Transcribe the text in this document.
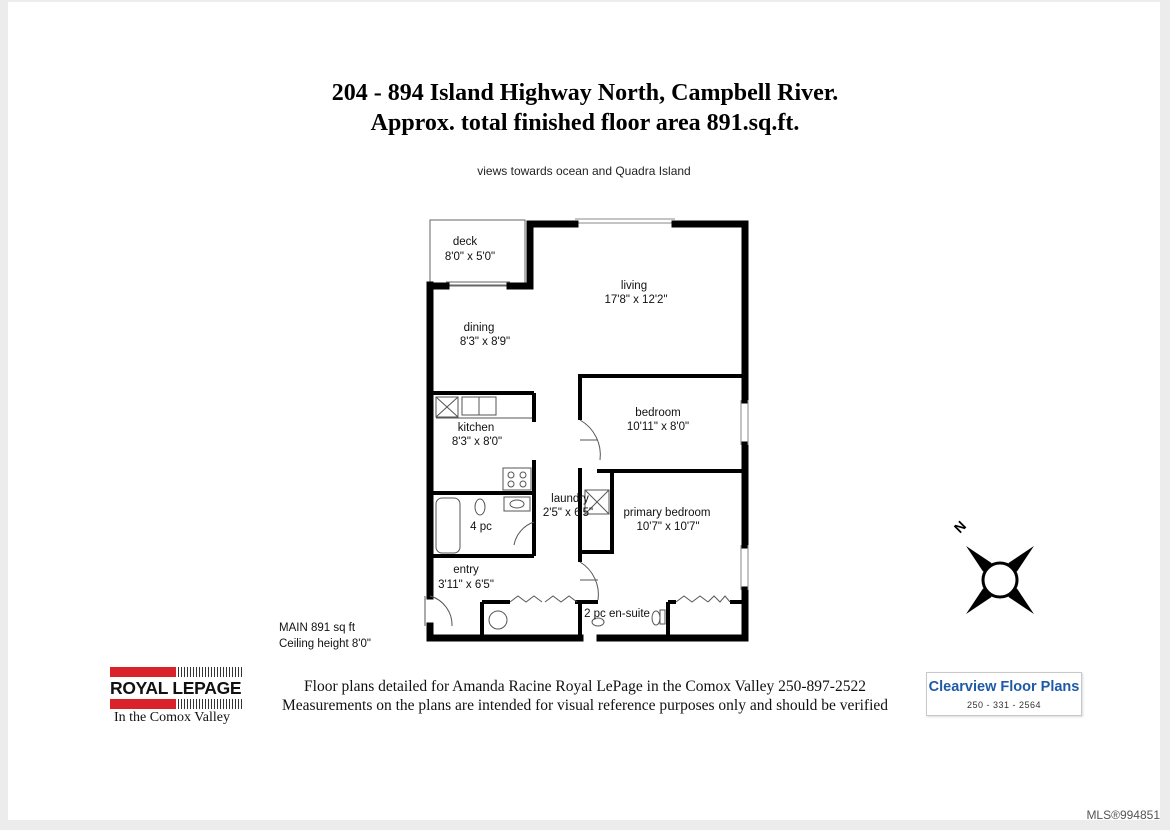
204 - 894 Island Highway North, Campbell River.
Approx. total finished floor area 891.sq.ft.
views towards ocean and Quadra Island
deck
8'0" x 5'0"
living
17'8" x 12'2"
dining
8'3" x 8'9"
bedroom
10'11" x 8'0"
kitchen
8'3" x 8'0"
laundry
2'5" x 6'5"	primary bedroom
10'7" x 10'7"
4 pc
entry
3'11" x 6'5"
2 pc en-suite
N
MAIN 891 sq ft
Ceiling height 8'0"
ROYAL LEPAGE
In the Comox Valley
Floor plans detailed for Amanda Racine Royal LePage in the Comox Valley 250-897-2522
Measurements on the plans are intended for visual reference purposes only and should be verified
Clearview Floor Plans
250 - 331 - 2564
MLS®994851
